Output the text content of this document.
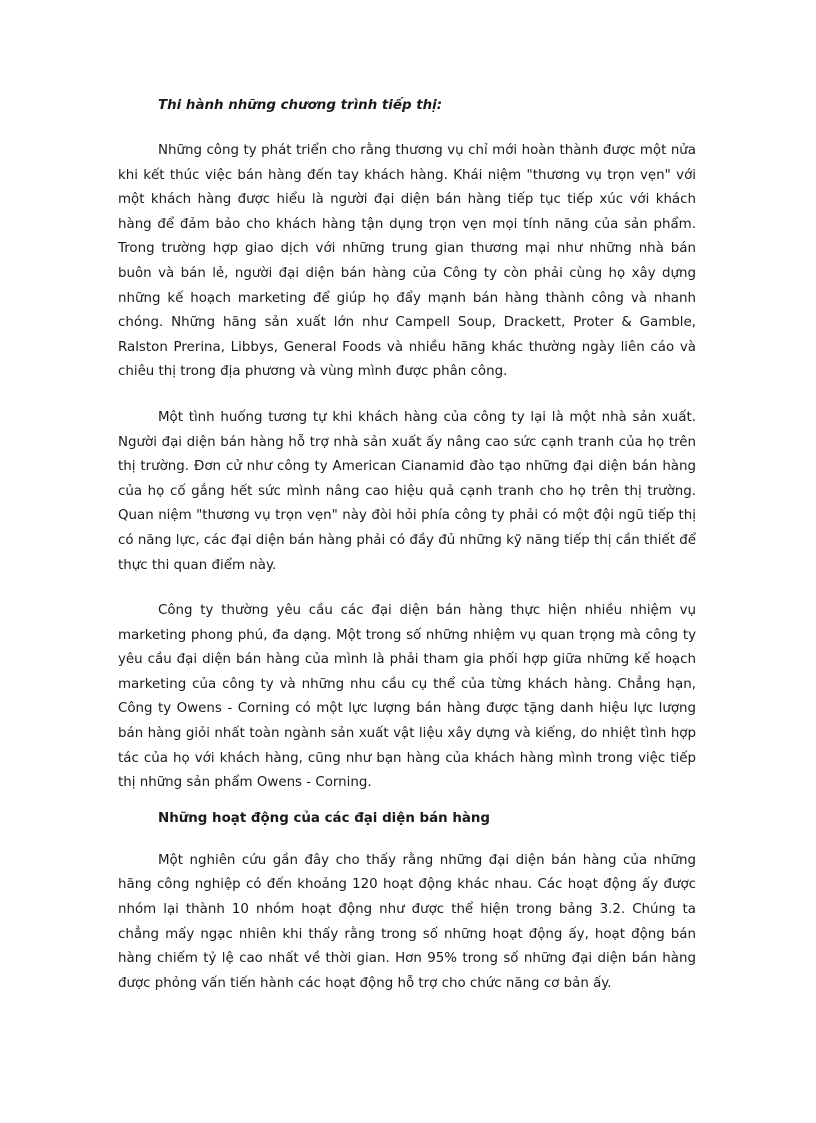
Thi hành những chương trình tiếp thị:

Những công ty phát triển cho rằng thương vụ chỉ mới hoàn thành được một nửa khi kết thúc việc bán hàng đến tay khách hàng. Khái niệm "thương vụ trọn vẹn" với một khách hàng được hiểu là người đại diện bán hàng tiếp tục tiếp xúc với khách hàng để đảm bảo cho khách hàng tận dụng trọn vẹn mọi tính năng của sản phẩm. Trong trường hợp giao dịch với những trung gian thương mại như những nhà bán buôn và bán lẻ, người đại diện bán hàng của Công ty còn phải cùng họ xây dựng những kế hoạch marketing để giúp họ đẩy mạnh bán hàng thành công và nhanh chóng. Những hãng sản xuất lớn như Campell Soup, Drackett, Proter & Gamble, Ralston Prerina, Libbys, General Foods và nhiều hãng khác thường ngày liên cáo và chiêu thị trong địa phương và vùng mình được phân công.

Một tình huống tương tự khi khách hàng của công ty lại là một nhà sản xuất. Người đại diện bán hàng hỗ trợ nhà sản xuất ấy nâng cao sức cạnh tranh của họ trên thị trường. Đơn cử như công ty American Cianamid đào tạo những đại diện bán hàng của họ cố gắng hết sức mình nâng cao hiệu quả cạnh tranh cho họ trên thị trường. Quan niệm "thương vụ trọn vẹn" này đòi hỏi phía công ty phải có một đội ngũ tiếp thị có năng lực, các đại diện bán hàng phải có đầy đủ những kỹ năng tiếp thị cần thiết để thực thi quan điểm này.

Công ty thường yêu cầu các đại diện bán hàng thực hiện nhiều nhiệm vụ marketing phong phú, đa dạng. Một trong số những nhiệm vụ quan trọng mà công ty yêu cầu đại diện bán hàng của mình là phải tham gia phối hợp giữa những kế hoạch marketing của công ty và những nhu cầu cụ thể của từng khách hàng. Chẳng hạn, Công ty Owens - Corning có một lực lượng bán hàng được tặng danh hiệu lực lượng bán hàng giỏi nhất toàn ngành sản xuất vật liệu xây dựng và kiếng, do nhiệt tình hợp tác của họ với khách hàng, cũng như bạn hàng của khách hàng mình trong việc tiếp thị những sản phẩm Owens - Corning.

Những hoạt động của các đại diện bán hàng

Một nghiên cứu gần đây cho thấy rằng những đại diện bán hàng của những hãng công nghiệp có đến khoảng 120 hoạt động khác nhau. Các hoạt động ấy được nhóm lại thành 10 nhóm hoạt động như được thể hiện trong bảng 3.2. Chúng ta chẳng mấy ngạc nhiên khi thấy rằng trong số những hoạt động ấy, hoạt động bán hàng chiếm tỷ lệ cao nhất về thời gian. Hơn 95% trong số những đại diện bán hàng được phỏng vấn tiến hành các hoạt động hỗ trợ cho chức năng cơ bản ấy.
